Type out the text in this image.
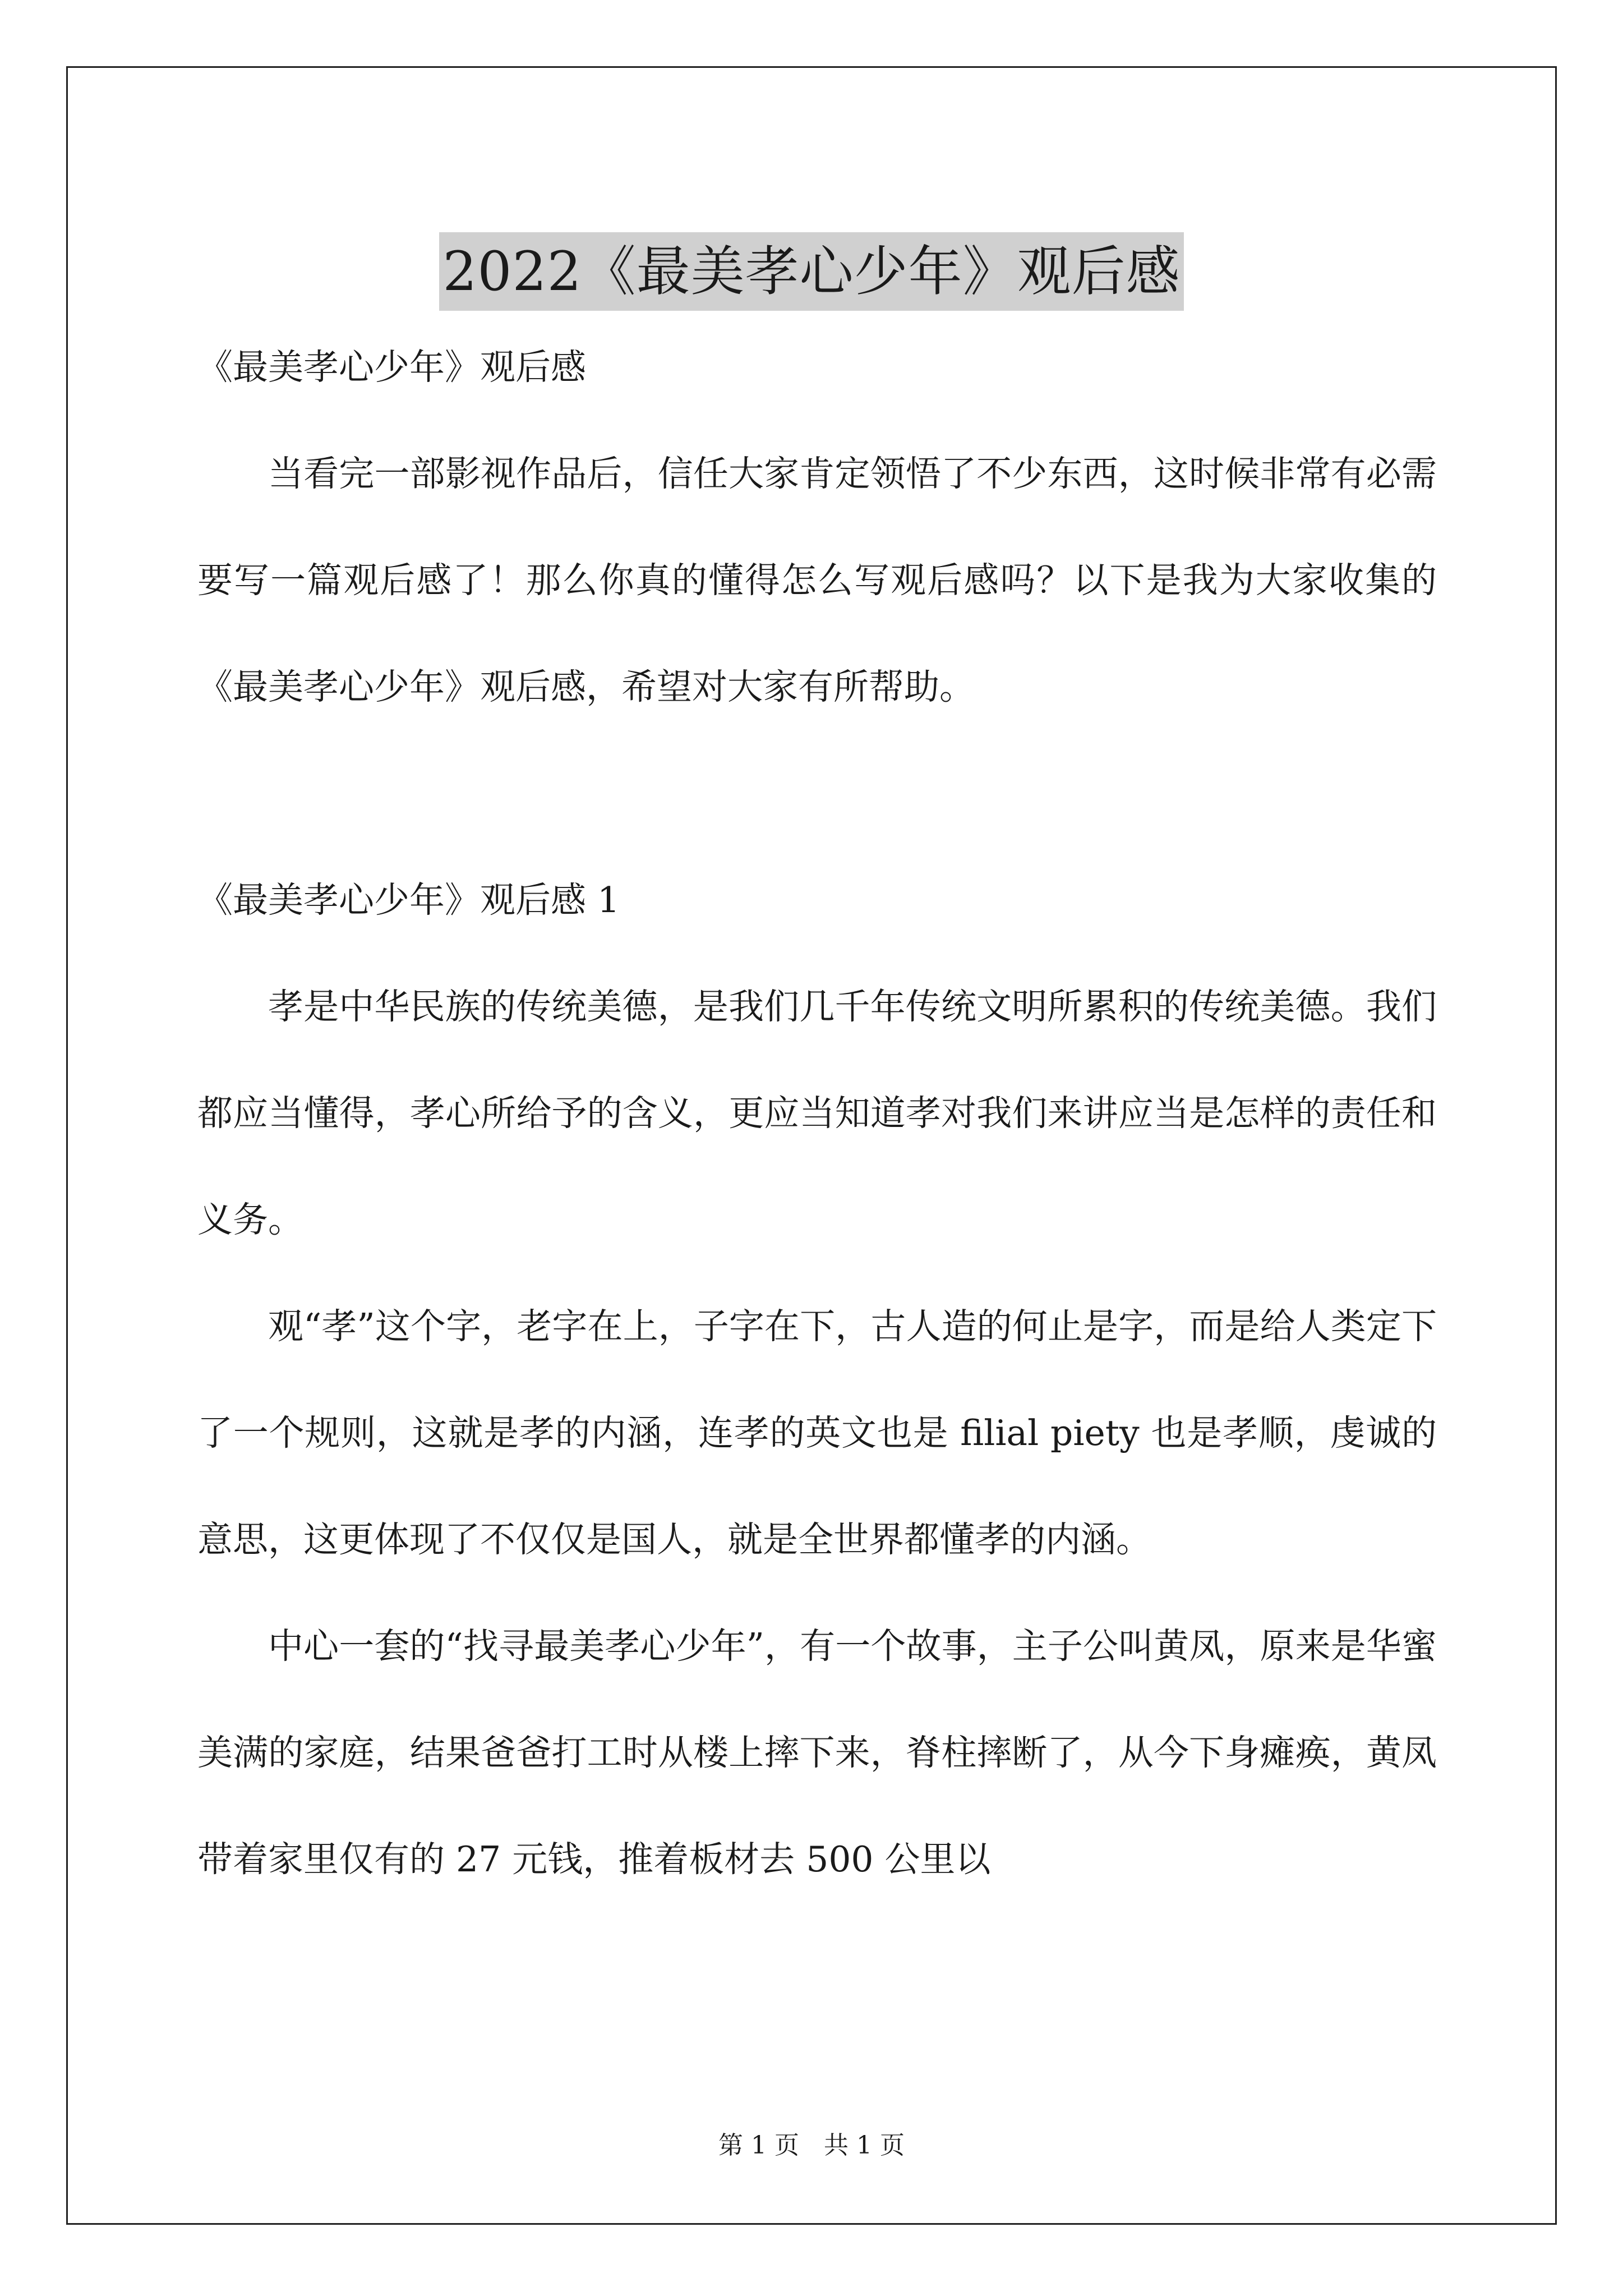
2022《最美孝心少年》观后感

《最美孝心少年》观后感

当看完一部影视作品后，信任大家肯定领悟了不少东西，这时候非常有必需要写一篇观后感了！那么你真的懂得怎么写观后感吗？以下是我为大家收集的《最美孝心少年》观后感，希望对大家有所帮助。

《最美孝心少年》观后感 1

孝是中华民族的传统美德，是我们几千年传统文明所累积的传统美德。我们都应当懂得，孝心所给予的含义，更应当知道孝对我们来讲应当是怎样的责任和义务。

观“孝”这个字，老字在上，子字在下，古人造的何止是字，而是给人类定下了一个规则，这就是孝的内涵，连孝的英文也是 filial piety 也是孝顺，虔诚的意思，这更体现了不仅仅是国人，就是全世界都懂孝的内涵。

中心一套的“找寻最美孝心少年”，有一个故事，主子公叫黄凤，原来是华蜜美满的家庭，结果爸爸打工时从楼上摔下来，脊柱摔断了，从今下身瘫痪，黄凤带着家里仅有的 27 元钱，推着板材去 500 公里以

第 1 页　共 1 页
